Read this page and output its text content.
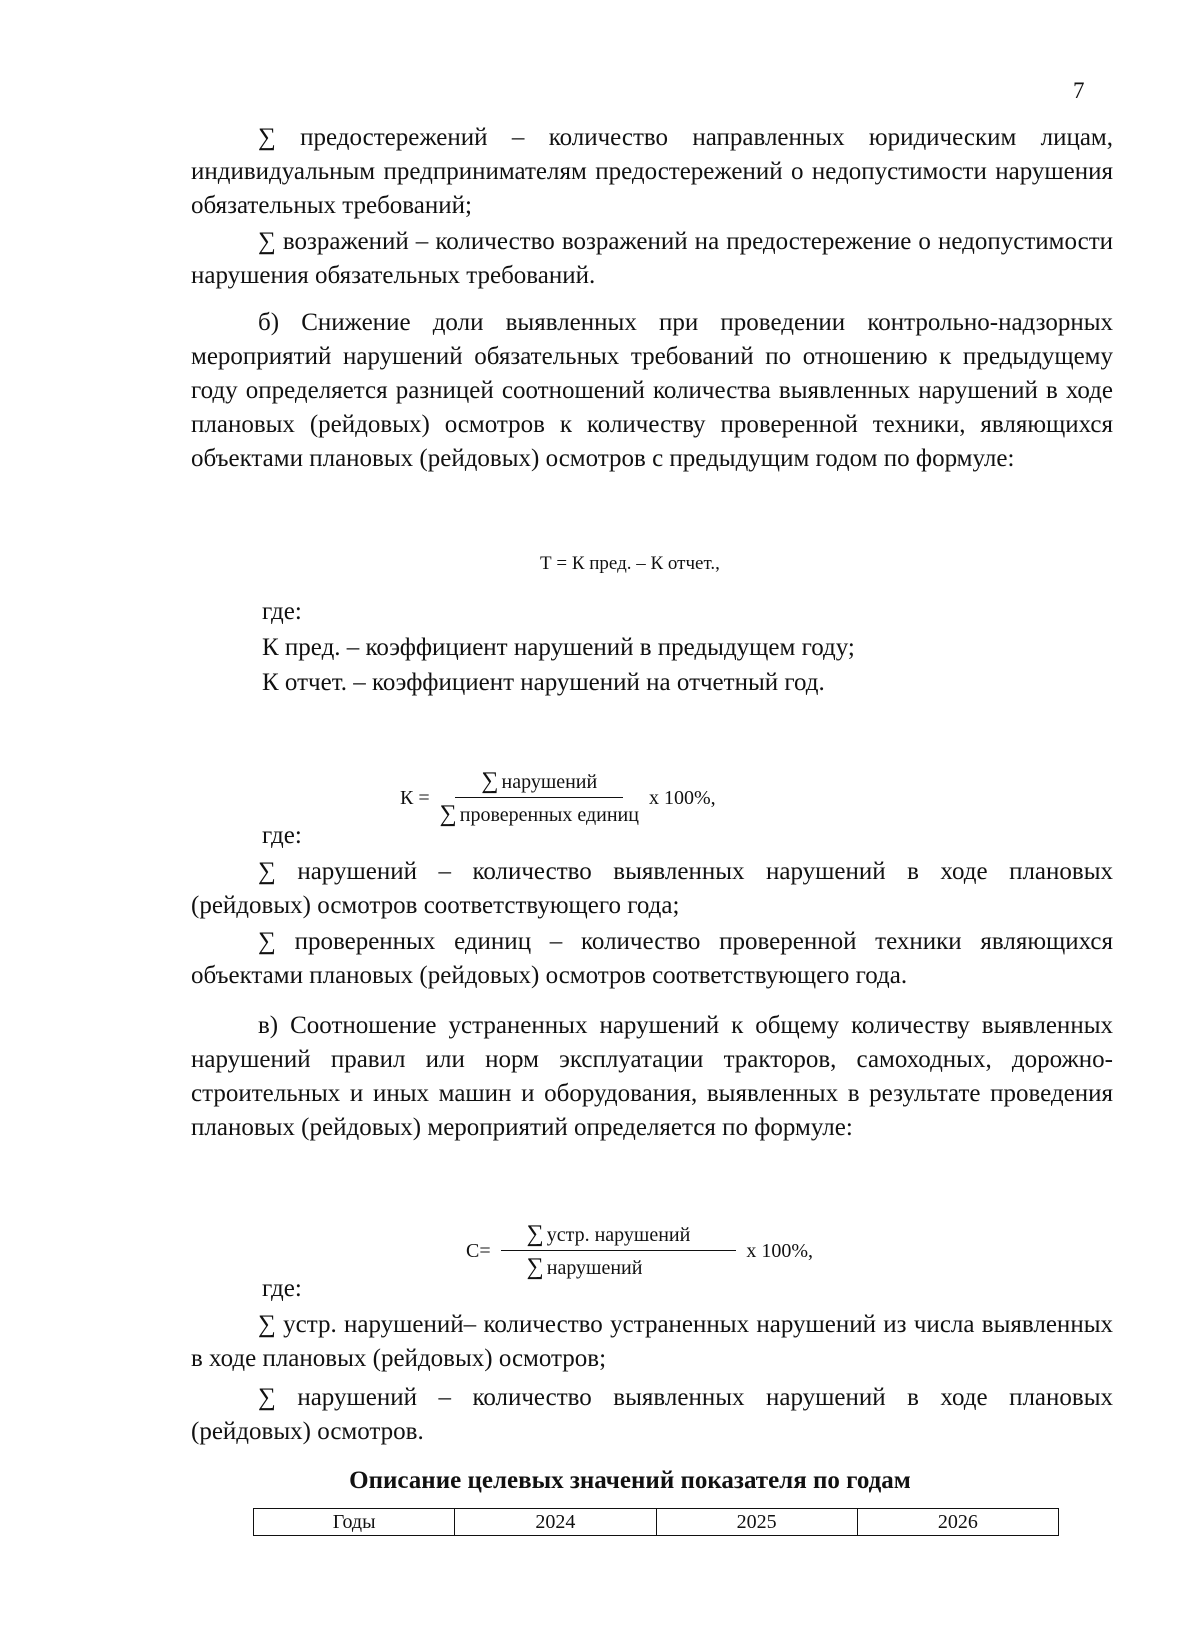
7
∑ предостережений – количество направленных юридическим лицам, индивидуальным предпринимателям предостережений о недопустимости нарушения обязательных требований;
∑ возражений – количество возражений на предостережение о недопустимости нарушения обязательных требований.
б) Снижение доли выявленных при проведении контрольно-надзорных мероприятий нарушений обязательных требований по отношению к предыдущему году определяется разницей соотношений количества выявленных нарушений в ходе плановых (рейдовых) осмотров к количеству проверенной техники, являющихся объектами плановых (рейдовых) осмотров с предыдущим годом по формуле:
Т = К пред. – К отчет.,
где:
К пред. – коэффициент нарушений в предыдущем году;
К отчет. – коэффициент нарушений на отчетный год.
$К = \frac{\text{∑ нарушений}}{\text{∑ проверенных единиц}}$ x 100%,
где:
∑ нарушений – количество выявленных нарушений в ходе плановых (рейдовых) осмотров соответствующего года;
∑ проверенных единиц – количество проверенной техники являющихся объектами плановых (рейдовых) осмотров соответствующего года.
в) Соотношение устраненных нарушений к общему количеству выявленных нарушений правил или норм эксплуатации тракторов, самоходных, дорожно-строительных и иных машин и оборудования, выявленных в результате проведения плановых (рейдовых) мероприятий определяется по формуле:
$С= \frac{\text{∑ устр. нарушений}}{\text{∑ нарушений}}$ x 100%,
где:
∑ устр. нарушений– количество устраненных нарушений из числа выявленных в ходе плановых (рейдовых) осмотров;
∑ нарушений – количество выявленных нарушений в ходе плановых (рейдовых) осмотров.
Описание целевых значений показателя по годам
Годы	2024	2025	2026
